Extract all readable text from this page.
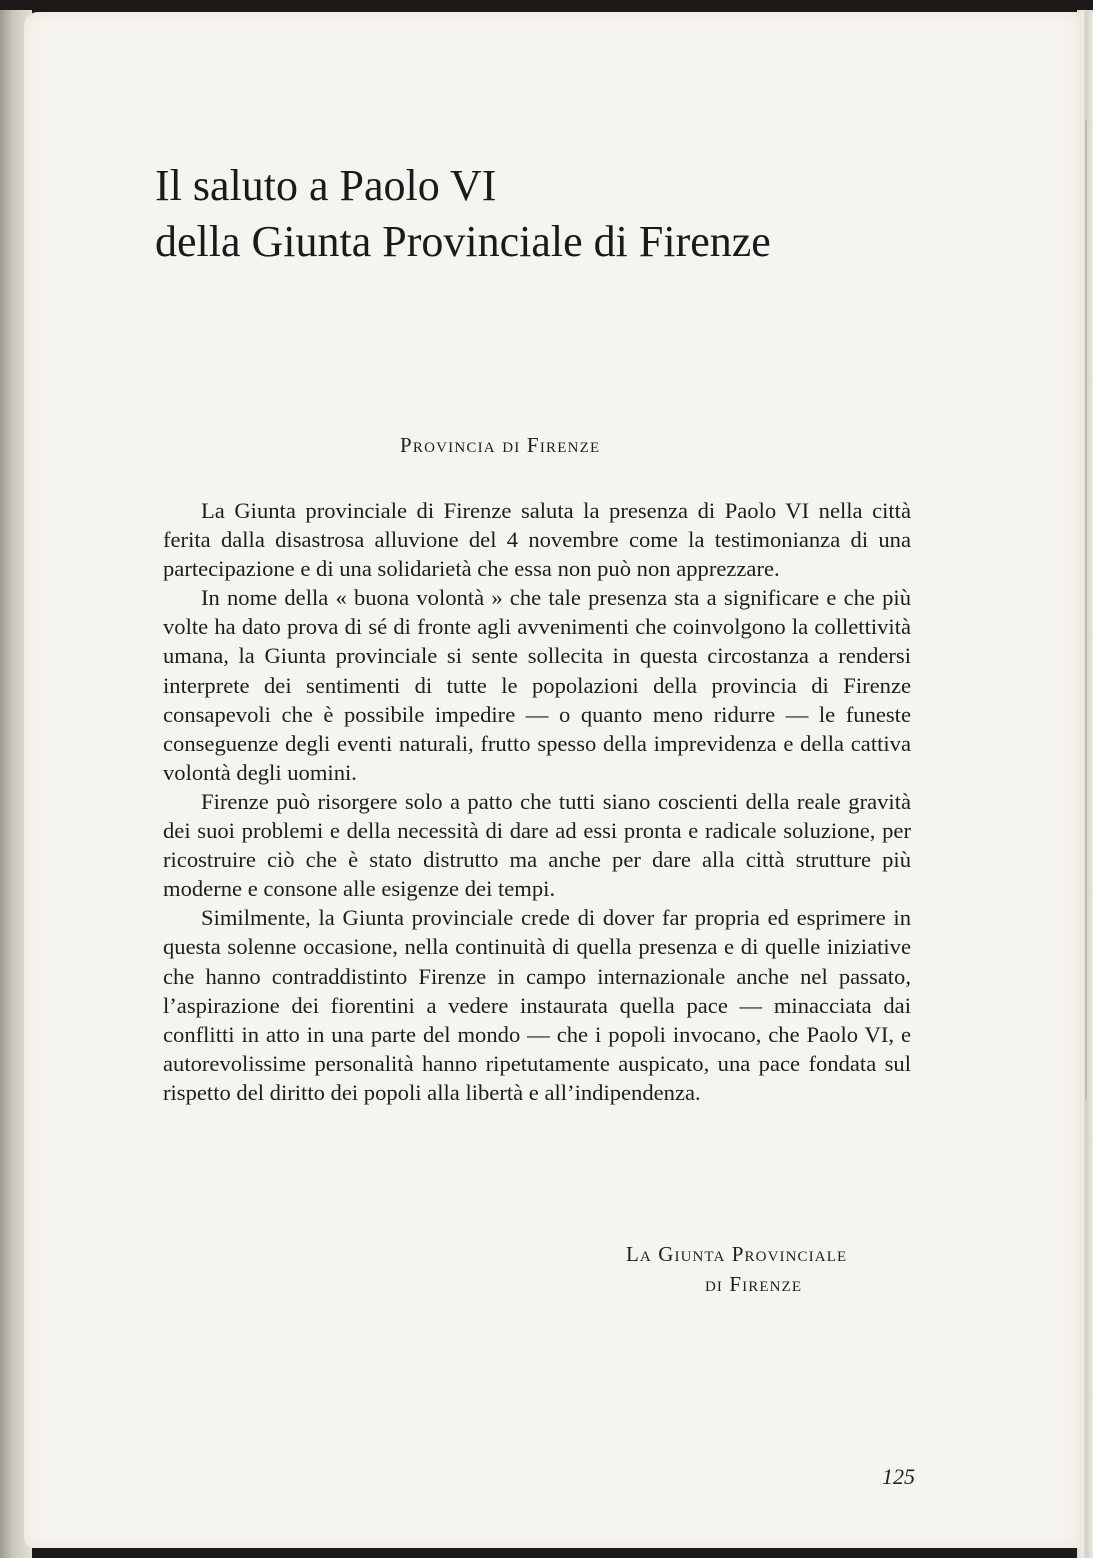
Il saluto a Paolo VI
della Giunta Provinciale di Firenze
Provincia di Firenze

La Giunta provinciale di Firenze saluta la presenza di Paolo VI nella città ferita dalla disastrosa alluvione del 4 novembre come la testimonianza di una partecipazione e di una solidarietà che essa non può non apprezzare.

In nome della « buona volontà » che tale presenza sta a significare e che più volte ha dato prova di sé di fronte agli avvenimenti che coinvolgono la collettività umana, la Giunta provinciale si sente sollecita in questa circostanza a rendersi interprete dei sentimenti di tutte le popolazioni della provincia di Firenze consapevoli che è possibile impedire — o quanto meno ridurre — le funeste conseguenze degli eventi naturali, frutto spesso della imprevidenza e della cattiva volontà degli uomini.

Firenze può risorgere solo a patto che tutti siano coscienti della reale gravità dei suoi problemi e della necessità di dare ad essi pronta e radicale soluzione, per ricostruire ciò che è stato distrutto ma anche per dare alla città strutture più moderne e consone alle esigenze dei tempi.

Similmente, la Giunta provinciale crede di dover far propria ed esprimere in questa solenne occasione, nella continuità di quella presenza e di quelle iniziative che hanno contraddistinto Firenze in campo internazionale anche nel passato, l’aspirazione dei fiorentini a vedere instaurata quella pace — minacciata dai conflitti in atto in una parte del mondo — che i popoli invocano, che Paolo VI, e autorevolissime personalità hanno ripetutamente auspicato, una pace fondata sul rispetto del diritto dei popoli alla libertà e all’indipendenza.

La Giunta Provinciale
di Firenze
125
